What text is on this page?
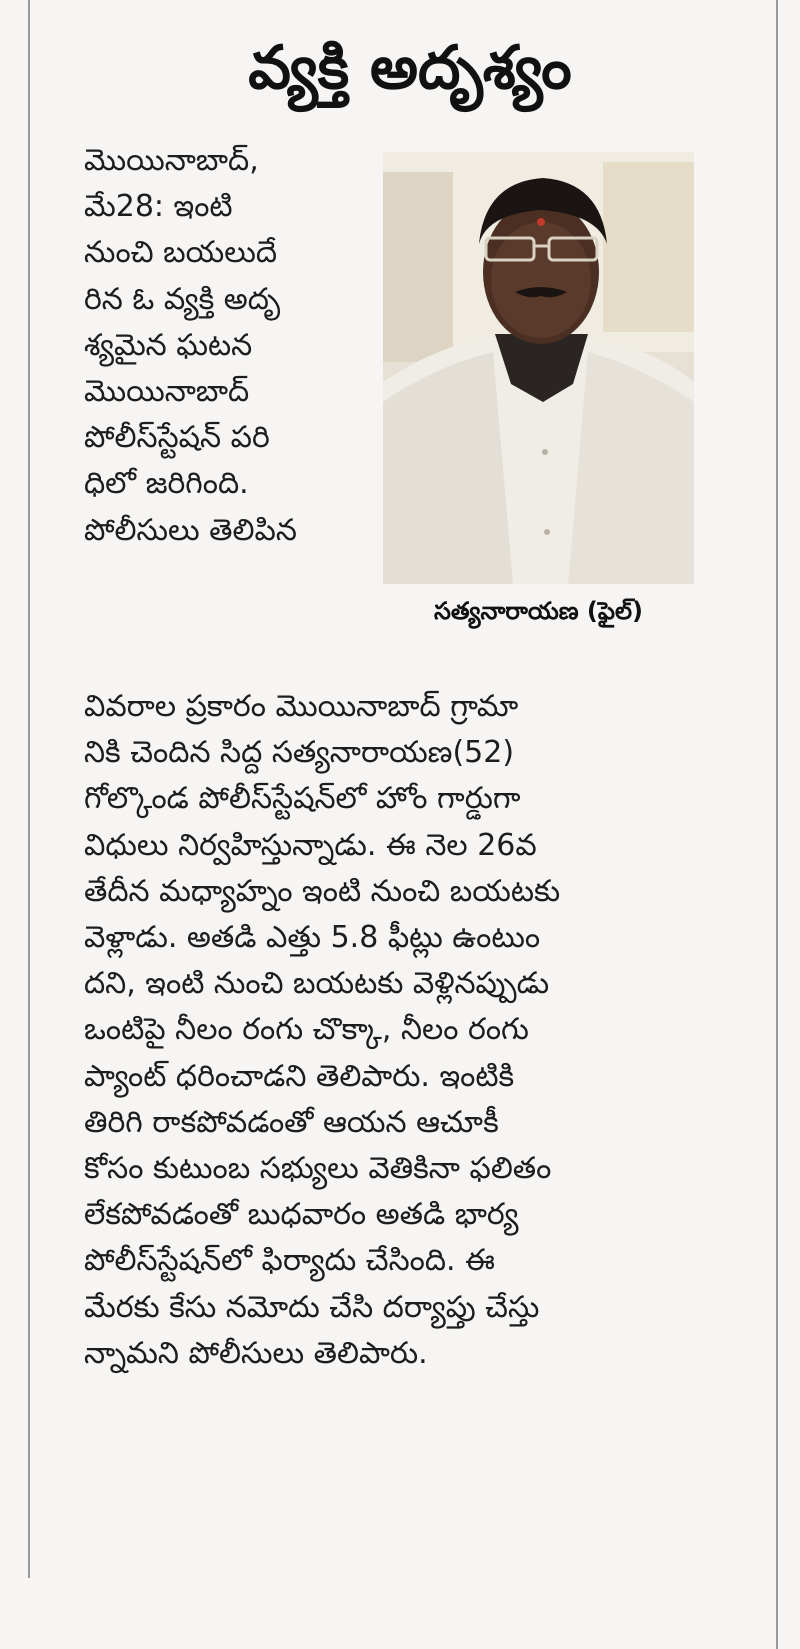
వ్యక్తి అదృశ్యం
మొయినాబాద్,
మే28: ఇంటి
నుంచి బయలుదే
రిన ఓ వ్యక్తి అదృ
శ్యమైన ఘటన
మొయినాబాద్
పోలీస్‌స్టేషన్ పరి
ధిలో జరిగింది.
పోలీసులు తెలిపిన
సత్యనారాయణ (ఫైల్)
వివరాల ప్రకారం మొయినాబాద్ గ్రామా
నికి చెందిన సిద్ద సత్యనారాయణ(52)
గోల్కొండ పోలీస్‌స్టేషన్‌లో హోం గార్డుగా
విధులు నిర్వహిస్తున్నాడు. ఈ నెల 26వ
తేదీన మధ్యాహ్నం ఇంటి నుంచి బయటకు
వెళ్లాడు. అతడి ఎత్తు 5.8 ఫీట్లు ఉంటుం
దని, ఇంటి నుంచి బయటకు వెళ్లినప్పుడు
ఒంటిపై నీలం రంగు చొక్కా, నీలం రంగు
ప్యాంట్ ధరించాడని తెలిపారు. ఇంటికి
తిరిగి రాకపోవడంతో ఆయన ఆచూకీ
కోసం కుటుంబ సభ్యులు వెతికినా ఫలితం
లేకపోవడంతో బుధవారం అతడి భార్య
పోలీస్‌స్టేషన్‌లో ఫిర్యాదు చేసింది. ఈ
మేరకు కేసు నమోదు చేసి దర్యాప్తు చేస్తు
న్నామని పోలీసులు తెలిపారు.
